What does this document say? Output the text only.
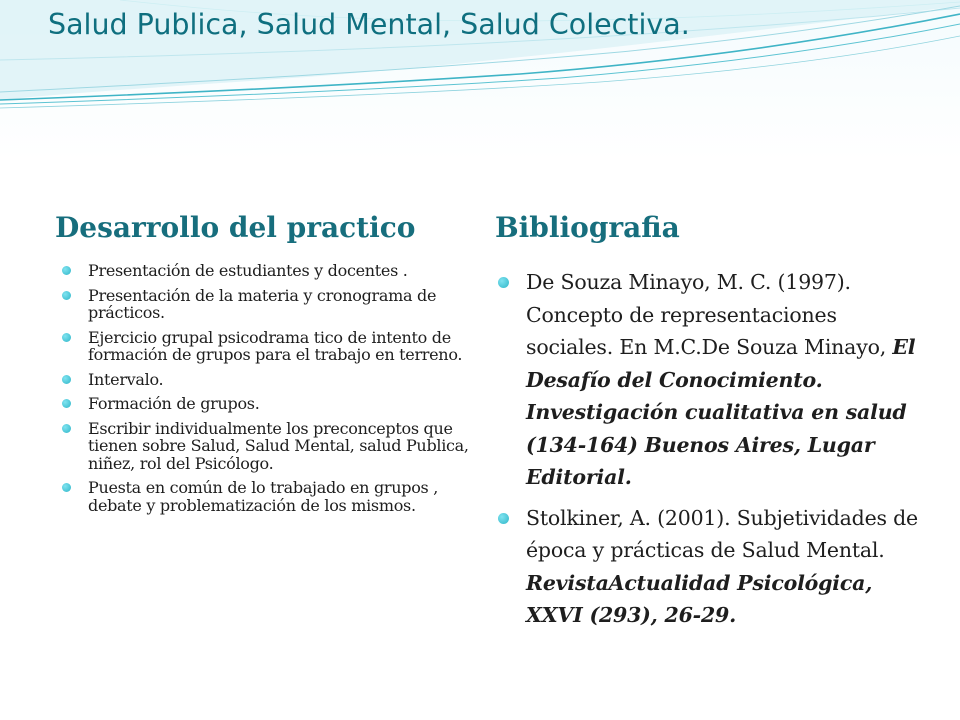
Salud Publica, Salud Mental, Salud Colectiva.
Desarrollo del practico	Bibliografia
Presentación de estudiantes y docentes .
Presentación de la materia y cronograma de prácticos.
Ejercicio grupal psicodrama tico de intento de formación de grupos para el trabajo en terreno.
Intervalo.
Formación de grupos.
Escribir individualmente los preconceptos que tienen sobre Salud, Salud Mental, salud Publica, niñez, rol del Psicólogo.
Puesta en común de lo trabajado en grupos , debate y problematización de los mismos.
De Souza Minayo, M. C. (1997). Concepto de representaciones sociales. En M.C.De Souza Minayo, El Desafío del Conocimiento. Investigación cualitativa en salud (134-164) Buenos Aires, Lugar Editorial.
Stolkiner, A. (2001). Subjetividades de época y prácticas de Salud Mental. RevistaActualidad Psicológica, XXVI (293), 26-29.
